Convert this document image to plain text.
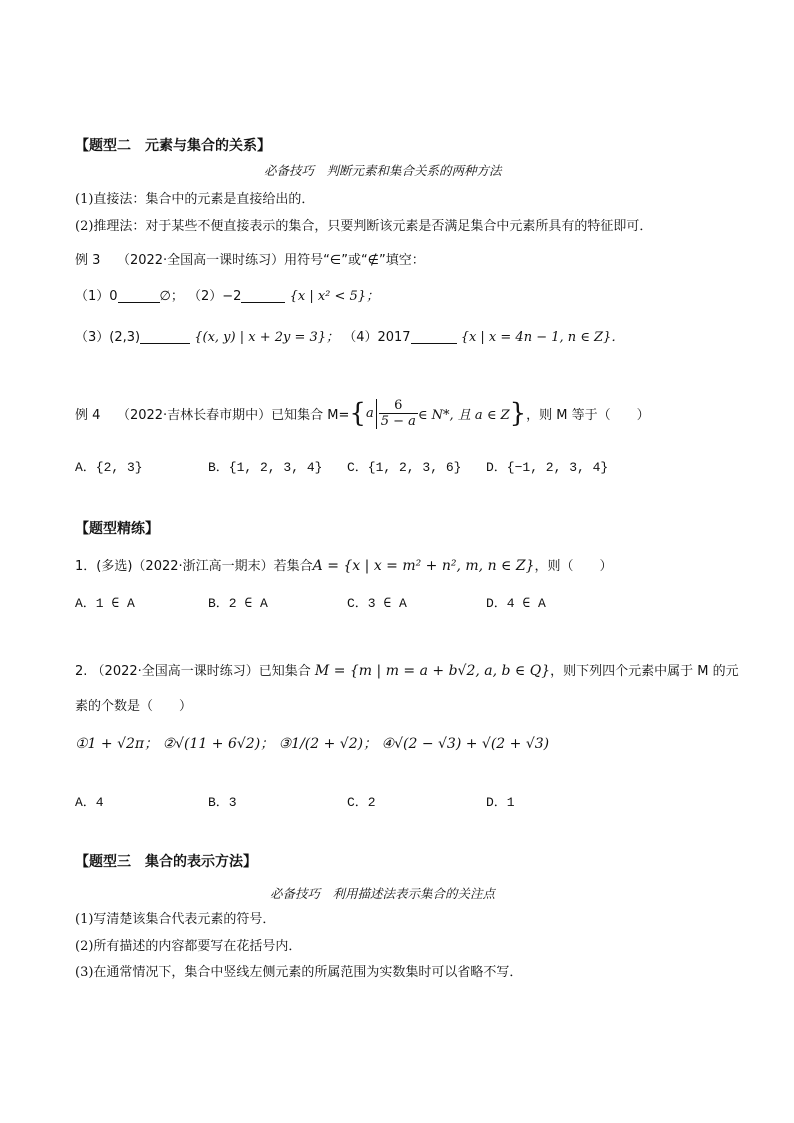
【题型二　元素与集合的关系】
必备技巧　判断元素和集合关系的两种方法
(1)直接法：集合中的元素是直接给出的．
(2)推理法：对于某些不便直接表示的集合，只要判断该元素是否满足集合中元素所具有的特征即可．
例 3 （2022·全国高一课时练习）用符号“∈”或“∉”填空：
（1）0	∅； （2）−2	{x | x² < 5}；
（3）(2,3)	{(x, y) | x + 2y = 3}； （4）2017	{x | x = 4n − 1, n ∈ Z}．
例 4 （2022·吉林长春市期中）已知集合 $M=\{a \frac{6}{5 - a}$ ∈ N*, 且 a ∈ Z}，则 M 等于（　　）
A．{2, 3}	B．{1, 2, 3, 4} C．{1, 2, 3, 6} D．{−1, 2, 3, 4}
【题型精练】
1．(多选)（2022·浙江高一期末）若集合A = {x | x = m² + n², m, n ∈ Z}，则（　　）
A．1 ∈ A	B．2 ∈ A	C．3 ∈ A	D．4 ∈ A
2. （2022·全国高一课时练习）已知集合 M = {m | m = a + b√2, a, b ∈ Q}，则下列四个元素中属于 M 的元
素的个数是（　　）
①1 + √2π； ②√(11 + 6√2)； ③1/(2 + √2)； ④√(2 − √3) + √(2 + √3)
A．4	B．3	C．2	D．1
【题型三　集合的表示方法】
必备技巧　利用描述法表示集合的关注点
(1)写清楚该集合代表元素的符号．
(2)所有描述的内容都要写在花括号内．
(3)在通常情况下，集合中竖线左侧元素的所属范围为实数集时可以省略不写．
